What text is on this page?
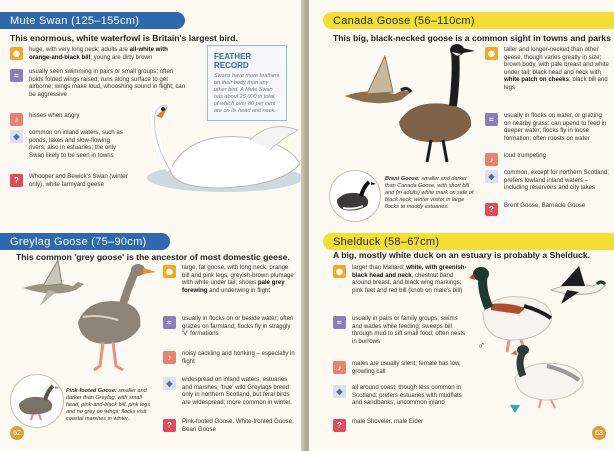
Mute Swan (125–155cm)
This enormous, white waterfowl is Britain's largest bird.
◉	huge, with very long neck; adults are all-white with orange-and-black bill; young are dirty brown
≈	usually seen swimming in pairs or small groups; often holds folded wings raised; runs along surface to get airborne; wings make loud, whooshing sound in flight; can be aggressive
♪	hisses when angry
◈	common on inland waters, such as ponds, lakes and slow-flowing rivers; also in estuaries; the only Swan likely to be seen in towns
?	Whooper and Bewick's Swan (winter only), white farmyard geese
FEATHER RECORD
Swans have more feathers on their body than any other bird. A Mute Swan has about 25,000 in total, of which over 80 per cent are on its head and neck.
Greylag Goose (75–90cm)
This common 'grey goose' is the ancestor of most domestic geese.
◉	large, fat goose, with long neck, orange bill and pink legs; greyish-brown plumage with white under tail; shows pale grey forewing and underwing in flight
≈	usually in flocks on or beside water; often grazes on farmland; flocks fly in straggly 'V' formations
♪	noisy cackling and honking – especially in flight
◈	widespread on inland waters, estuaries and marshes; 'true' wild Greylags breed only in northern Scotland, but feral birds are widespread; more common in winter.
?	Pink-footed Goose, White-fronted Goose, Bean Goose
Pink-footed Goose: smaller and darker than Greylag, with small head, pink-and-black bill, pink legs and no grey on wings; flocks visit coastal marshes in winter.
62
Canada Goose (56–110cm)
This big, black-necked goose is a common sight in towns and parks
◉	taller and longer-necked than other geese, though varies greatly in size; brown body, with pale breast and white under tail; black head and neck with white patch on cheeks; black bill and legs
≈	usually in flocks on water, or grazing on nearby grass; can upend to feed in deeper water; flocks fly in loose formation; often roosts on water
♪	loud trumpeting
◈	common, except for northern Scotland; prefers lowland inland waters – including reservoirs and city lakes
?	Brent Goose, Barnacle Goose
Brent Goose: smaller and darker than Canada Goose, with short bill and (in adults) white mark on side of black neck; winter visitor in large flocks to muddy estuaries.
Shelduck (58–67cm)
A big, mostly white duck on an estuary is probably a Shelduck.
◉	larger than Mallard; white, with greenish-black head and neck, chestnut band around breast, and black wing markings; pink feet and red bill (knob on male's bill)
≈	usually in pairs or family groups; swims and wades while feeding; sweeps bill through mud to sift small food; often nests in burrows
♪	males are usually silent; female has low, growling call
◈	all around coast, though less common in Scotland; prefers estuaries with mudflats and sandbanks; uncommon inland
?	male Shoveler, male Eider
♂
63
